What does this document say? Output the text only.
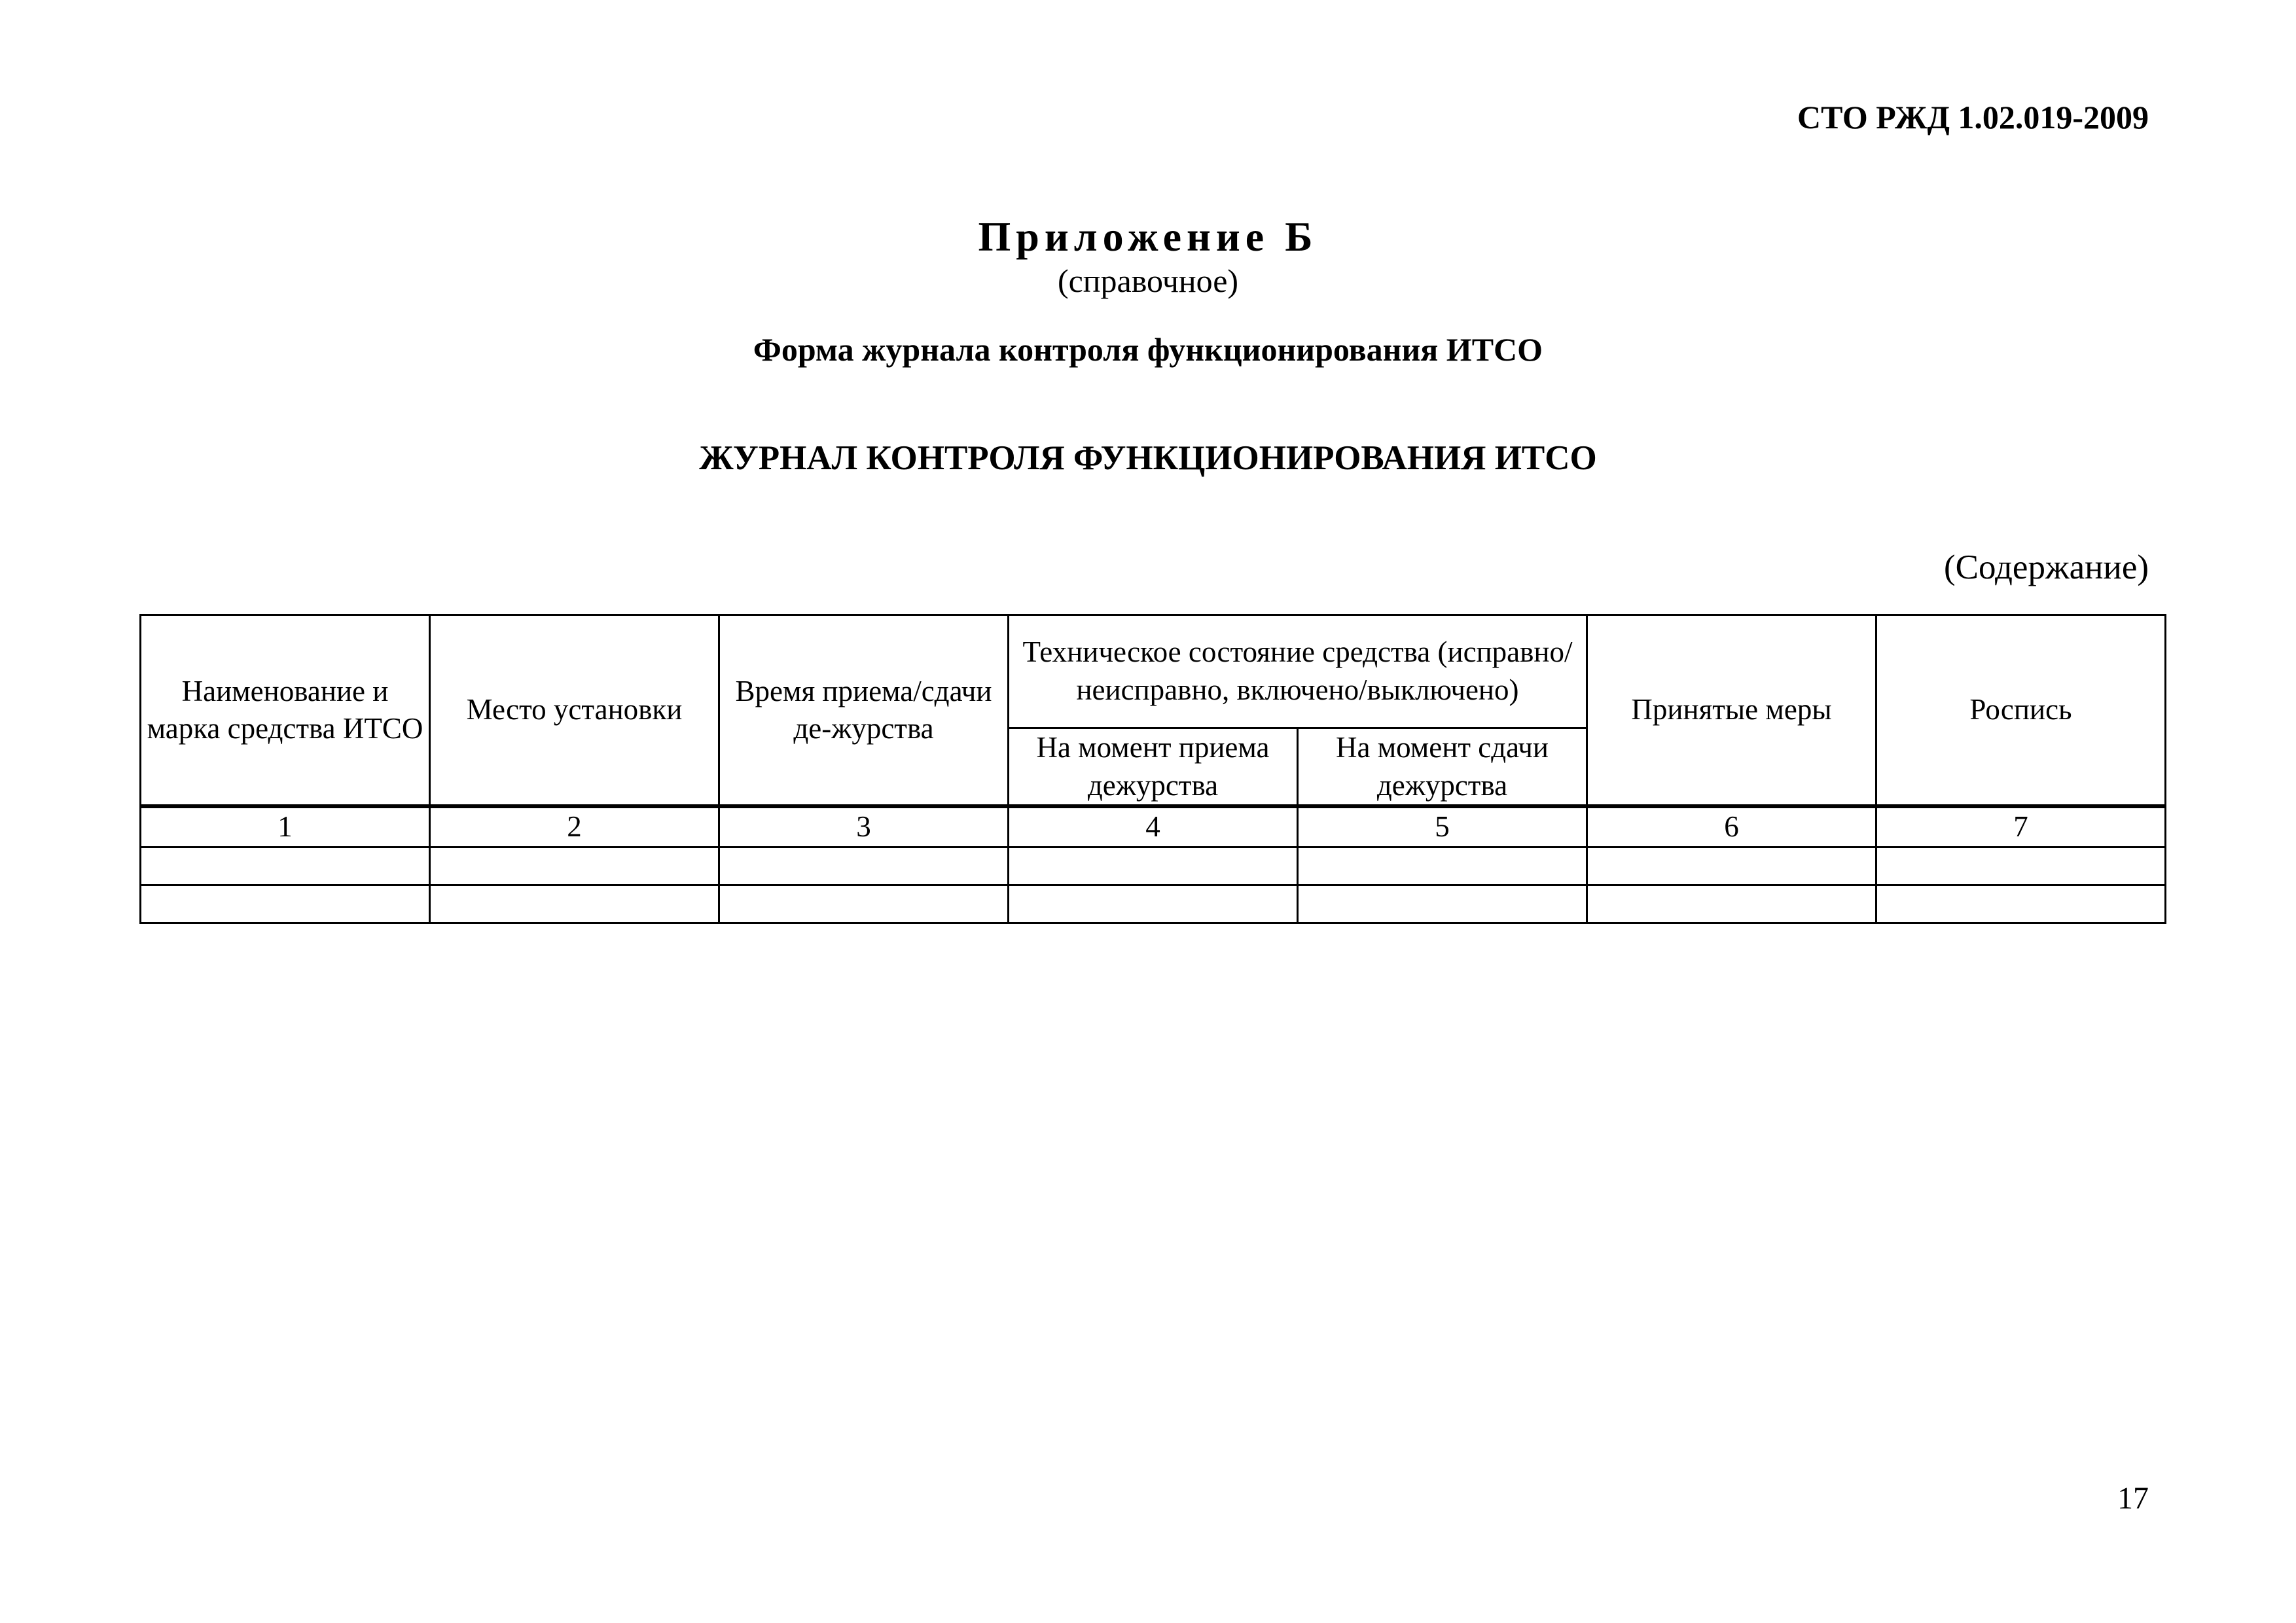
СТО РЖД 1.02.019-2009
Приложение Б
(справочное)
Форма журнала контроля функционирования ИТСО
ЖУРНАЛ КОНТРОЛЯ ФУНКЦИОНИРОВАНИЯ ИТСО
(Содержание)
Наименование и марка средства ИТСО	Место установки	Время приема/сдачи де-журства	Техническое состояние средства (исправно/неисправно, включено/выключено)		Принятые меры	Роспись
			На момент приема дежурства	На момент сдачи дежурства		
1	2	3	4	5	6	7

17
